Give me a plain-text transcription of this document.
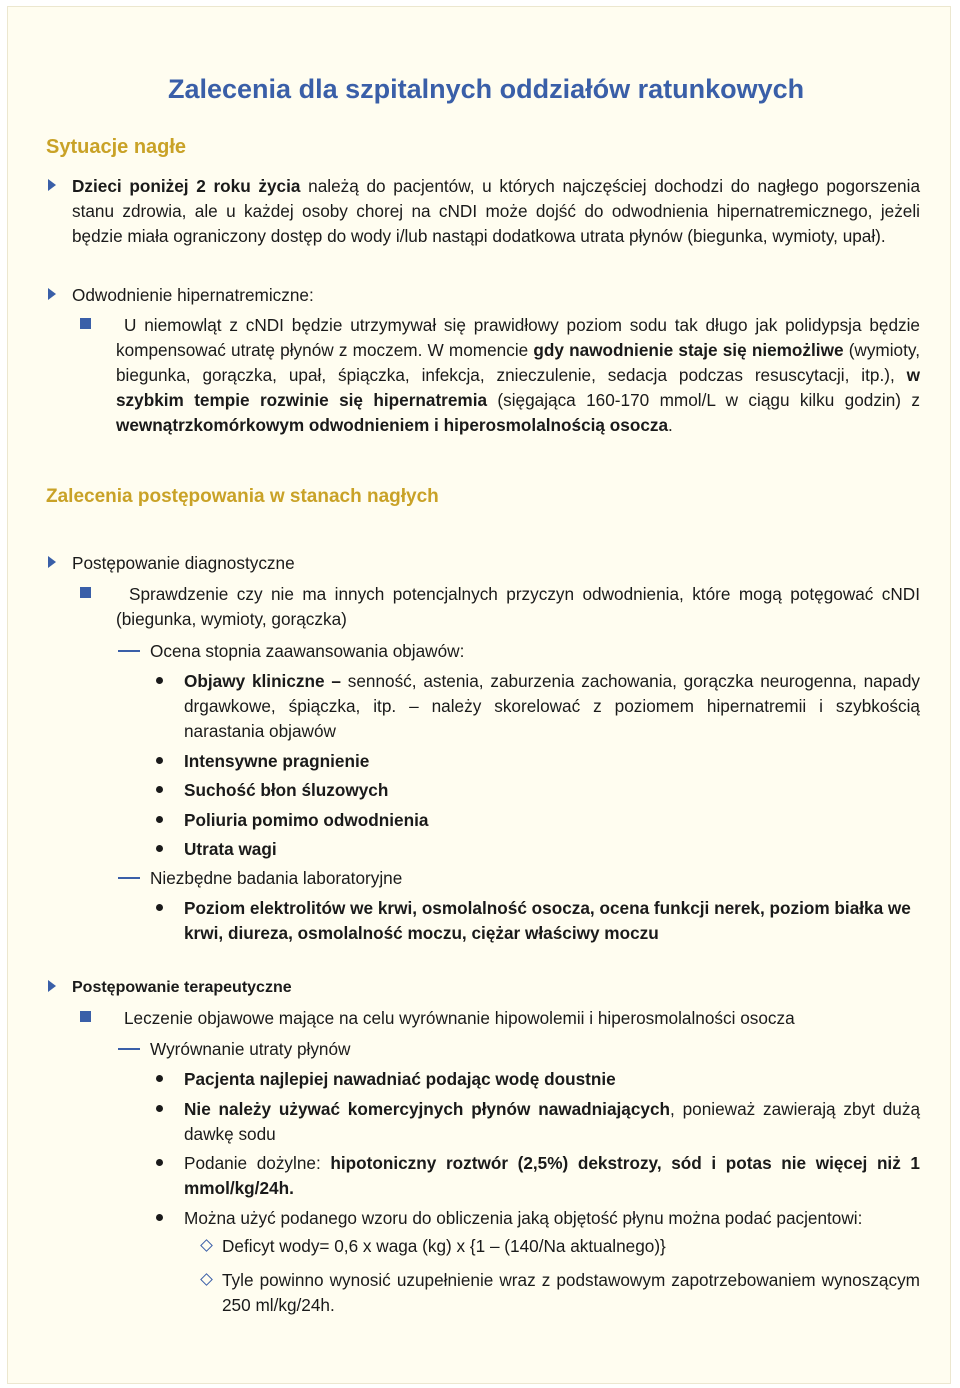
Zalecenia dla szpitalnych oddziałów ratunkowych
Sytuacje nagłe
Dzieci poniżej 2 roku życia należą do pacjentów, u których najczęściej dochodzi do nagłego pogorszenia stanu zdrowia, ale u każdej osoby chorej na cNDI może dojść do odwodnienia hipernatremicznego, jeżeli będzie miała ograniczony dostęp do wody i/lub nastąpi dodatkowa utrata płynów (biegunka, wymioty, upał).
Odwodnienie hipernatremiczne:
U niemowląt z cNDI będzie utrzymywał się prawidłowy poziom sodu tak długo jak polidypsja będzie kompensować utratę płynów z moczem. W momencie gdy nawodnienie staje się niemożliwe (wymioty, biegunka, gorączka, upał, śpiączka, infekcja, znieczulenie, sedacja podczas resuscytacji, itp.), w szybkim tempie rozwinie się hipernatremia (sięgająca 160-170 mmol/L w ciągu kilku godzin) z wewnątrzkomórkowym odwodnieniem i hiperosmolalnością osocza.
Zalecenia postępowania w stanach nagłych
Postępowanie diagnostyczne
Sprawdzenie czy nie ma innych potencjalnych przyczyn odwodnienia, które mogą potęgować cNDI (biegunka, wymioty, gorączka)
Ocena stopnia zaawansowania objawów:
Objawy kliniczne – senność, astenia, zaburzenia zachowania, gorączka neurogenna, napady drgawkowe, śpiączka, itp. – należy skorelować z poziomem hipernatremii i szybkością narastania objawów
Intensywne pragnienie
Suchość błon śluzowych
Poliuria pomimo odwodnienia
Utrata wagi
Niezbędne badania laboratoryjne
Poziom elektrolitów we krwi, osmolalność osocza, ocena funkcji nerek, poziom białka we krwi, diureza, osmolalność moczu, ciężar właściwy moczu
Postępowanie terapeutyczne
Leczenie objawowe mające na celu wyrównanie hipowolemii i hiperosmolalności osocza
Wyrównanie utraty płynów
Pacjenta najlepiej nawadniać podając wodę doustnie
Nie należy używać komercyjnych płynów nawadniających, ponieważ zawierają zbyt dużą dawkę sodu
Podanie dożylne: hipotoniczny roztwór (2,5%) dekstrozy, sód i potas nie więcej niż 1 mmol/kg/24h.
Można użyć podanego wzoru do obliczenia jaką objętość płynu można podać pacjentowi:
Deficyt wody= 0,6 x waga (kg) x {1 – (140/Na aktualnego)}
Tyle powinno wynosić uzupełnienie wraz z podstawowym zapotrzebowaniem wynoszącym 250 ml/kg/24h.
